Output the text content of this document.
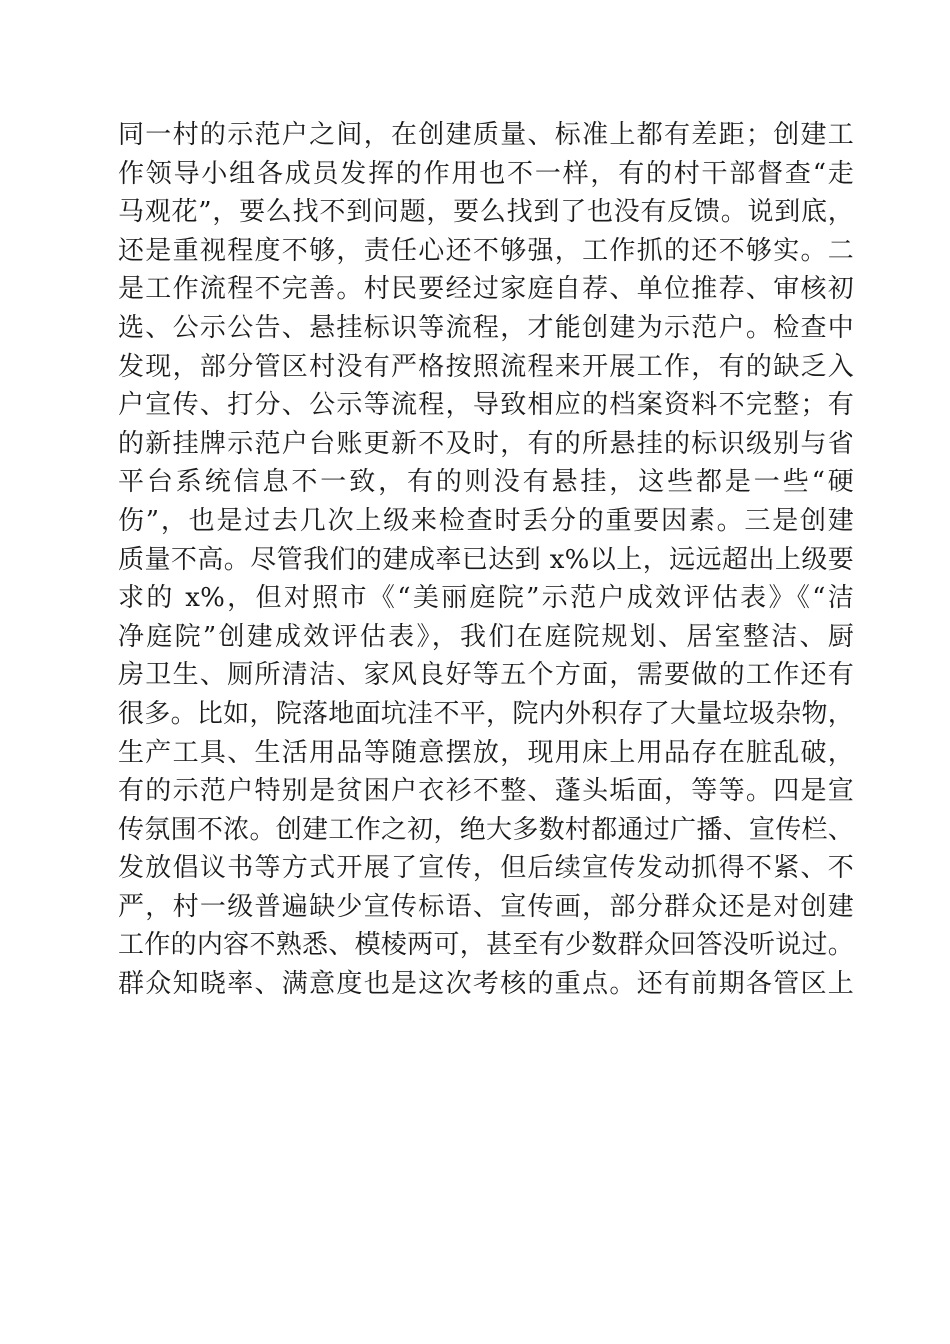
同一村的示范户之间，在创建质量、标准上都有差距；创建工
作领导小组各成员发挥的作用也不一样，有的村干部督查“走
马观花”，要么找不到问题，要么找到了也没有反馈。说到底，
还是重视程度不够，责任心还不够强，工作抓的还不够实。二
是工作流程不完善。村民要经过家庭自荐、单位推荐、审核初
选、公示公告、悬挂标识等流程，才能创建为示范户。检查中
发现，部分管区村没有严格按照流程来开展工作，有的缺乏入
户宣传、打分、公示等流程，导致相应的档案资料不完整；有
的新挂牌示范户台账更新不及时，有的所悬挂的标识级别与省
平台系统信息不一致，有的则没有悬挂，这些都是一些“硬
伤”，也是过去几次上级来检查时丢分的重要因素。三是创建
质量不高。尽管我们的建成率已达到 x%以上，远远超出上级要
求的 x%，但对照市《“美丽庭院”示范户成效评估表》《“洁
净庭院”创建成效评估表》，我们在庭院规划、居室整洁、厨
房卫生、厕所清洁、家风良好等五个方面，需要做的工作还有
很多。比如，院落地面坑洼不平，院内外积存了大量垃圾杂物，
生产工具、生活用品等随意摆放，现用床上用品存在脏乱破，
有的示范户特别是贫困户衣衫不整、蓬头垢面，等等。四是宣
传氛围不浓。创建工作之初，绝大多数村都通过广播、宣传栏、
发放倡议书等方式开展了宣传，但后续宣传发动抓得不紧、不
严，村一级普遍缺少宣传标语、宣传画，部分群众还是对创建
工作的内容不熟悉、模棱两可，甚至有少数群众回答没听说过。
群众知晓率、满意度也是这次考核的重点。还有前期各管区上
